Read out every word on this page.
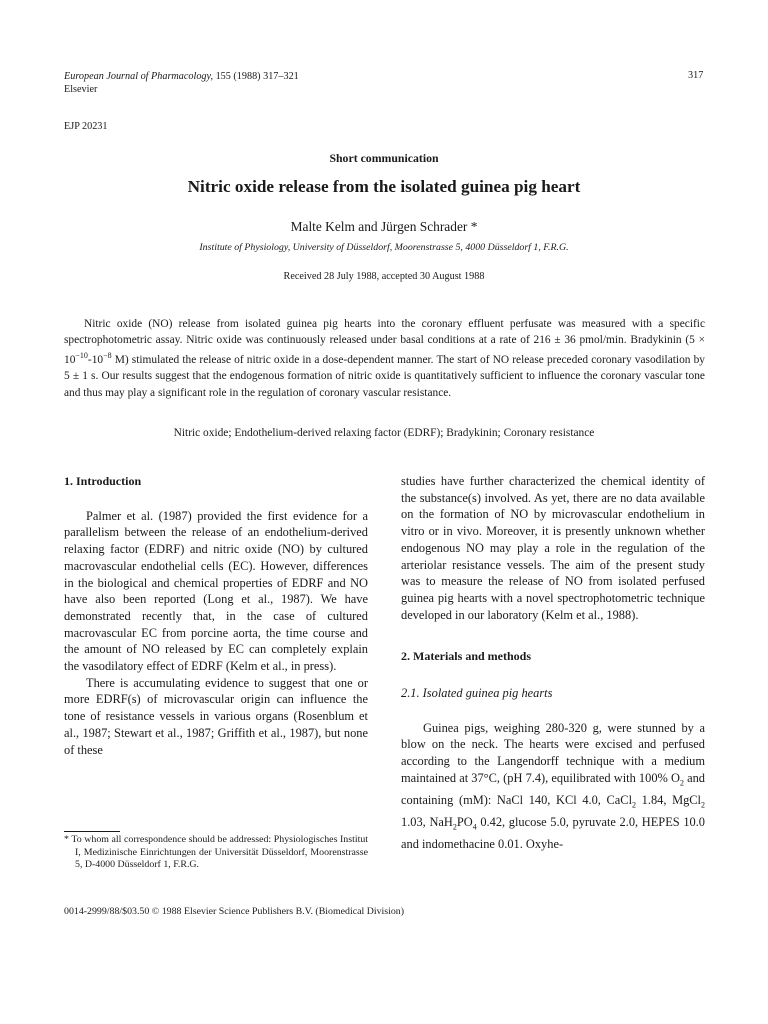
European Journal of Pharmacology, 155 (1988) 317–321
Elsevier
317
EJP 20231
Short communication
Nitric oxide release from the isolated guinea pig heart
Malte Kelm and Jürgen Schrader *
Institute of Physiology, University of Düsseldorf, Moorenstrasse 5, 4000 Düsseldorf 1, F.R.G.
Received 28 July 1988, accepted 30 August 1988

Nitric oxide (NO) release from isolated guinea pig hearts into the coronary effluent perfusate was measured with a specific spectrophotometric assay. Nitric oxide was continuously released under basal conditions at a rate of 216 ± 36 pmol/min. Bradykinin ($5 \times 10^{-10}-10^{-8}$ M) stimulated the release of nitric oxide in a dose-dependent manner. The start of NO release preceded coronary vasodilation by 5 ± 1 s. Our results suggest that the endogenous formation of nitric oxide is quantitatively sufficient to influence the coronary vascular tone and thus may play a significant role in the regulation of coronary vascular resistance.

Nitric oxide; Endothelium-derived relaxing factor (EDRF); Bradykinin; Coronary resistance

1. Introduction

Palmer et al. (1987) provided the first evidence for a parallelism between the release of an endothelium-derived relaxing factor (EDRF) and nitric oxide (NO) by cultured macrovascular endothelial cells (EC). However, differences in the biological and chemical properties of EDRF and NO have also been reported (Long et al., 1987). We have demonstrated recently that, in the case of cultured macrovascular EC from porcine aorta, the time course and the amount of NO released by EC can completely explain the vasodilatory effect of EDRF (Kelm et al., in press).

There is accumulating evidence to suggest that one or more EDRF(s) of microvascular origin can influence the tone of resistance vessels in various organs (Rosenblum et al., 1987; Stewart et al., 1987; Griffith et al., 1987), but none of these

studies have further characterized the chemical identity of the substance(s) involved. As yet, there are no data available on the formation of NO by microvascular endothelium in vitro or in vivo. Moreover, it is presently unknown whether endogenous NO may play a role in the regulation of the arteriolar resistance vessels. The aim of the present study was to measure the release of NO from isolated perfused guinea pig hearts with a novel spectrophotometric technique developed in our laboratory (Kelm et al., 1988).

2. Materials and methods

2.1. Isolated guinea pig hearts

Guinea pigs, weighing 280-320 g, were stunned by a blow on the neck. The hearts were excised and perfused according to the Langendorff technique with a medium maintained at 37°C, (pH 7.4), equilibrated with 100% $O_2$ and containing (mM): NaCl 140, KCl 4.0, CaCl$_2$ 1.84, MgCl$_2$ 1.03, $NaH_2PO_4$ 0.42, glucose 5.0, pyruvate 2.0, HEPES 10.0 and indomethacine 0.01. Oxyhe-

* To whom all correspondence should be addressed: Physiologisches Institut I, Medizinische Einrichtungen der Universität Düsseldorf, Moorenstrasse 5, D-4000 Düsseldorf 1, F.R.G.
0014-2999/88/$03.50 © 1988 Elsevier Science Publishers B.V. (Biomedical Division)
